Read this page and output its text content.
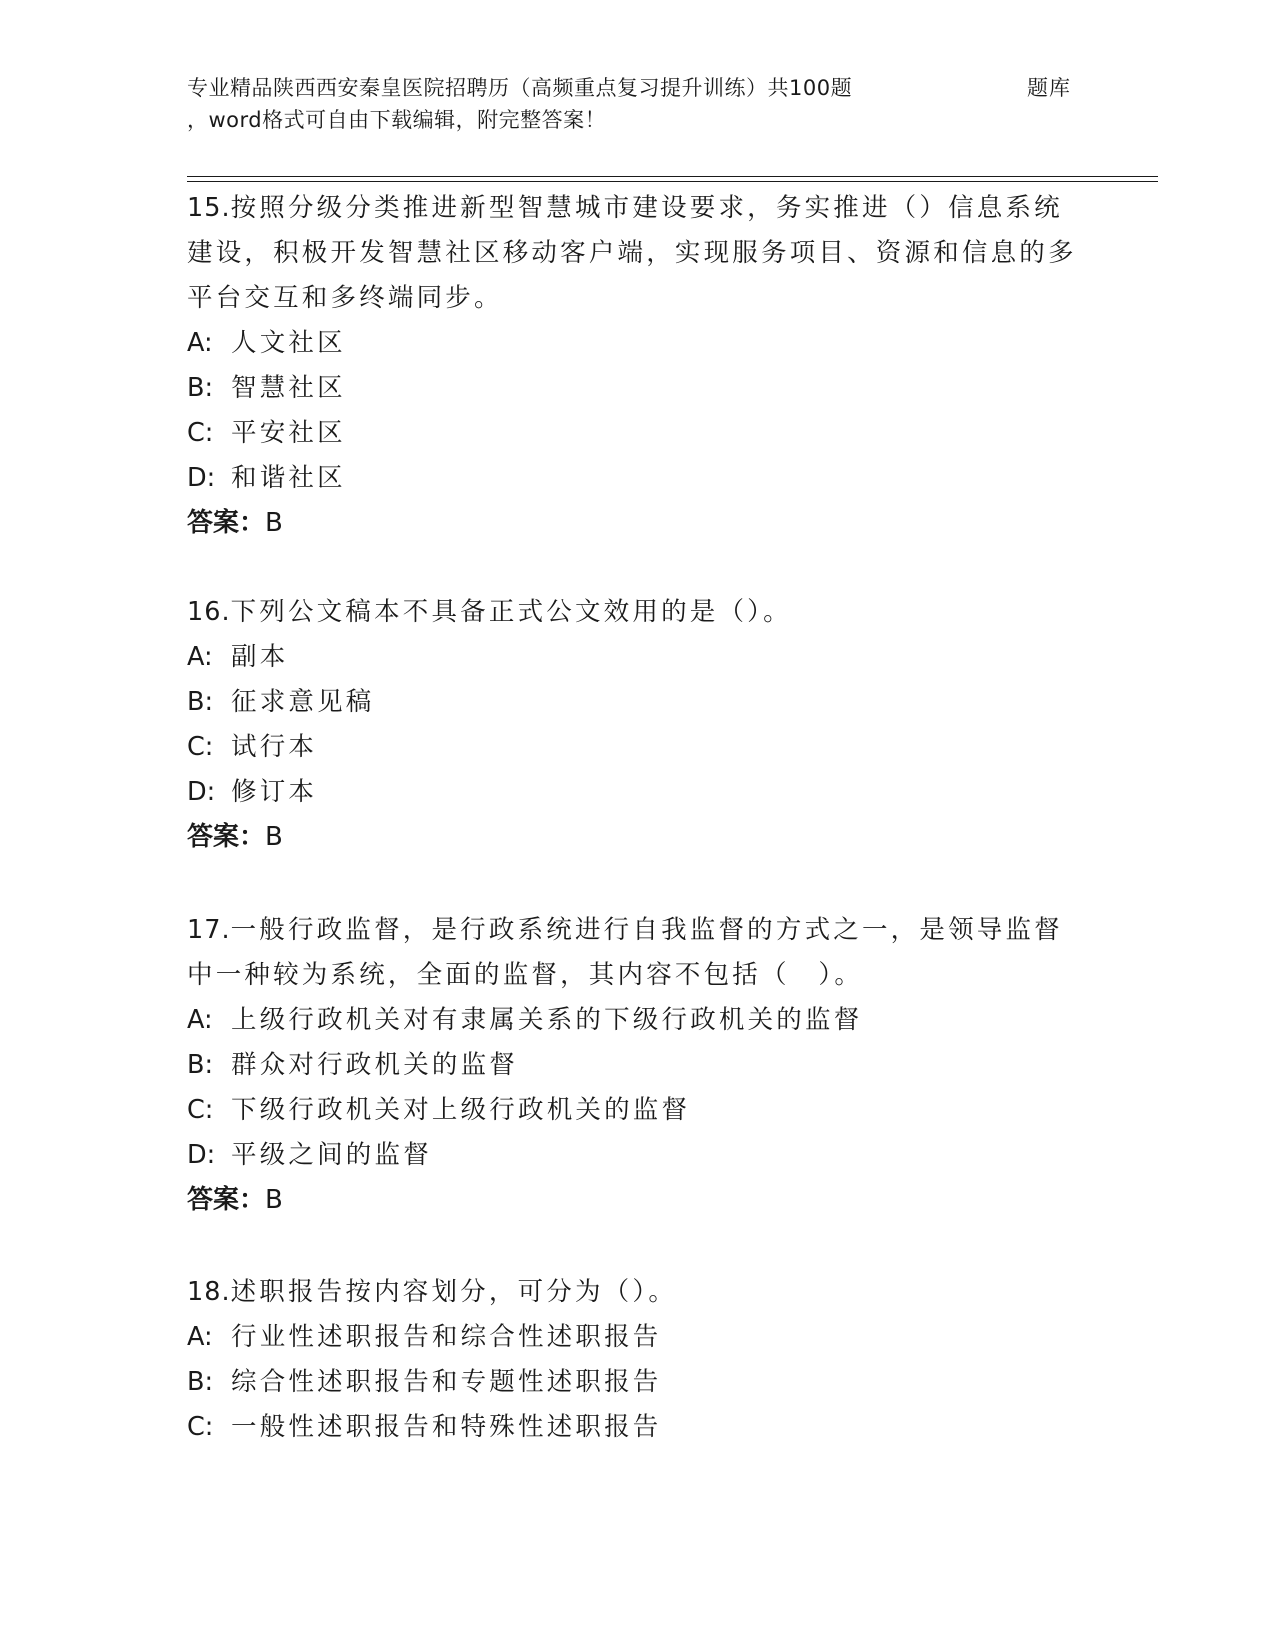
专业精品陕西西安秦皇医院招聘历（高频重点复习提升训练）共100题
，word格式可自由下载编辑，附完整答案！
题库

15.按照分级分类推进新型智慧城市建设要求，务实推进（）信息系统建设，积极开发智慧社区移动客户端，实现服务项目、资源和信息的多平台交互和多终端同步。

A: 人文社区
B: 智慧社区
C: 平安社区
D: 和谐社区
答案：B

16.下列公文稿本不具备正式公文效用的是（）。

A: 副本
B: 征求意见稿
C: 试行本
D: 修订本
答案：B

17.一般行政监督，是行政系统进行自我监督的方式之一，是领导监督中一种较为系统，全面的监督，其内容不包括（　）。

A: 上级行政机关对有隶属关系的下级行政机关的监督
B: 群众对行政机关的监督
C: 下级行政机关对上级行政机关的监督
D: 平级之间的监督
答案：B

18.述职报告按内容划分，可分为（）。

A: 行业性述职报告和综合性述职报告
B: 综合性述职报告和专题性述职报告
C: 一般性述职报告和特殊性述职报告
